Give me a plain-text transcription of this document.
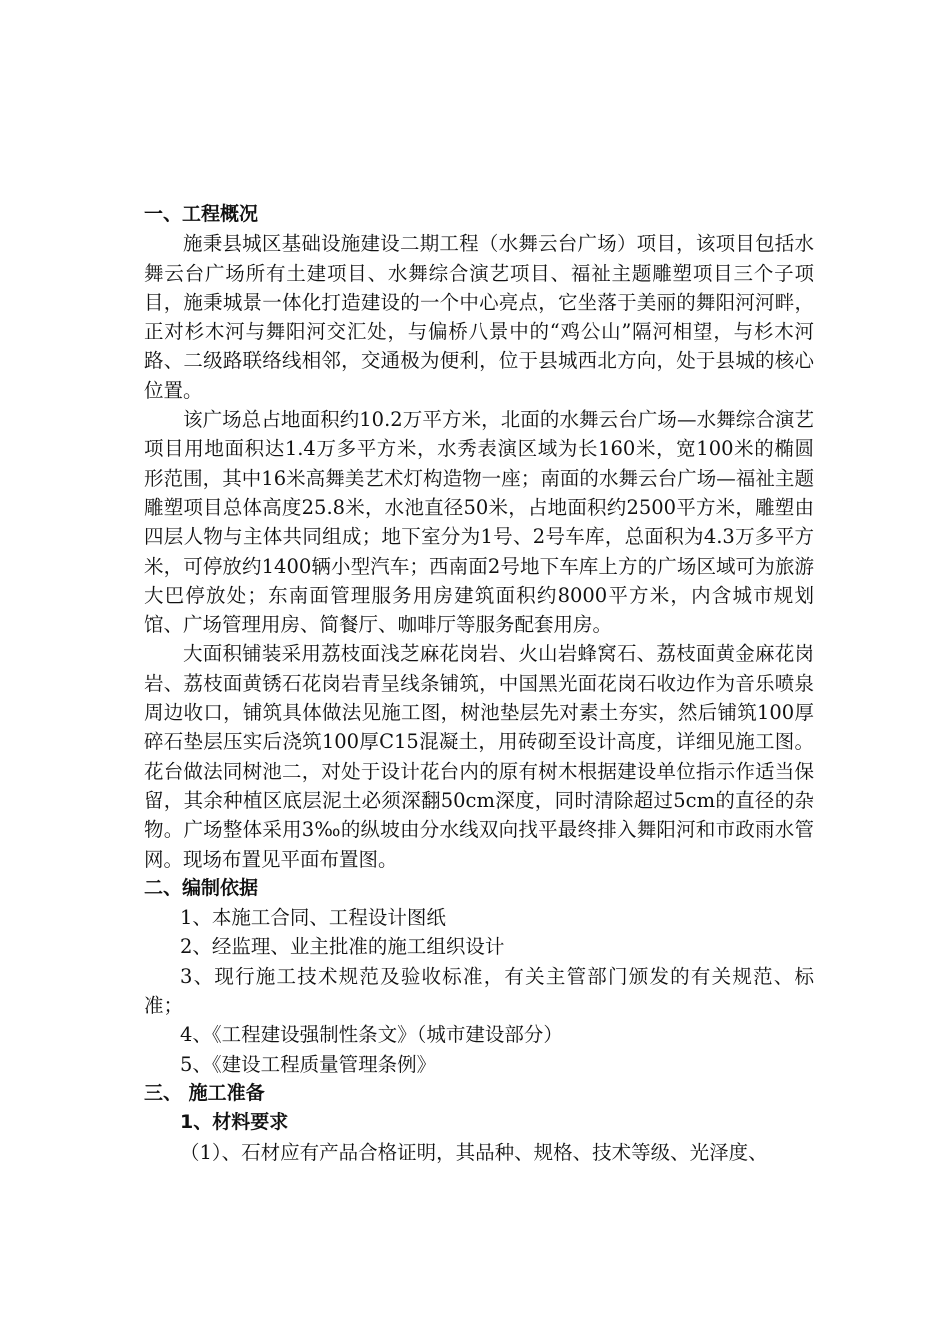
一、工程概况

施秉县城区基础设施建设二期工程（水舞云台广场）项目，该项目包括水舞云台广场所有土建项目、水舞综合演艺项目、福祉主题雕塑项目三个子项目，施秉城景一体化打造建设的一个中心亮点，它坐落于美丽的舞阳河河畔，正对杉木河与舞阳河交汇处，与偏桥八景中的“鸡公山”隔河相望，与杉木河路、二级路联络线相邻，交通极为便利，位于县城西北方向，处于县城的核心位置。

该广场总占地面积约10.2万平方米，北面的水舞云台广场—水舞综合演艺项目用地面积达1.4万多平方米，水秀表演区域为长160米，宽100米的椭圆形范围，其中16米高舞美艺术灯构造物一座；南面的水舞云台广场—福祉主题雕塑项目总体高度25.8米，水池直径50米，占地面积约2500平方米，雕塑由四层人物与主体共同组成；地下室分为1号、2号车库，总面积为4.3万多平方米，可停放约1400辆小型汽车；西南面2号地下车库上方的广场区域可为旅游大巴停放处；东南面管理服务用房建筑面积约8000平方米，内含城市规划馆、广场管理用房、简餐厅、咖啡厅等服务配套用房。

大面积铺装采用荔枝面浅芝麻花岗岩、火山岩蜂窝石、荔枝面黄金麻花岗岩、荔枝面黄锈石花岗岩青呈线条铺筑，中国黑光面花岗石收边作为音乐喷泉周边收口，铺筑具体做法见施工图，树池垫层先对素土夯实，然后铺筑100厚碎石垫层压实后浇筑100厚C15混凝土，用砖砌至设计高度，详细见施工图。花台做法同树池二，对处于设计花台内的原有树木根据建设单位指示作适当保留，其余种植区底层泥土必须深翻50cm深度，同时清除超过5cm的直径的杂物。广场整体采用3‰的纵坡由分水线双向找平最终排入舞阳河和市政雨水管网。现场布置见平面布置图。

二、编制依据

1、本施工合同、工程设计图纸

2、经监理、业主批准的施工组织设计

3、现行施工技术规范及验收标准，有关主管部门颁发的有关规范、标准；

4、《工程建设强制性条文》（城市建设部分）

5、《建设工程质量管理条例》

三、 施工准备

1、材料要求

（1）、石材应有产品合格证明，其品种、规格、技术等级、光泽度、
